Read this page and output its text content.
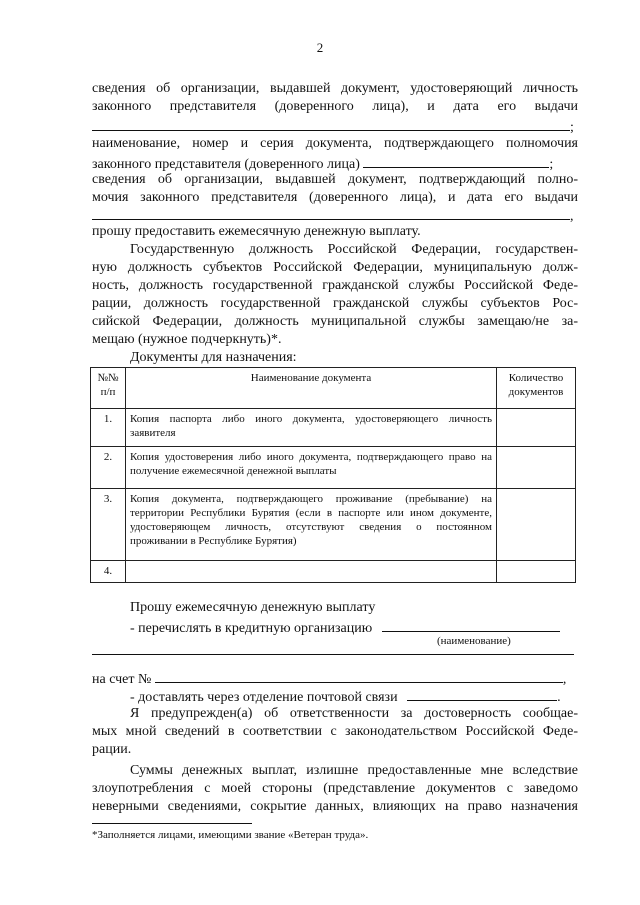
2
сведения об организации, выдавшей документ, удостоверяющий личность
законного представителя (доверенного лица), и дата его выдачи
;
наименование, номер и серия документа, подтверждающего полномочия
законного представителя (доверенного лица)	;
сведения об организации, выдавшей документ, подтверждающий полно-
мочия законного представителя (доверенного лица), и дата его выдачи
,
прошу предоставить ежемесячную денежную выплату.
Государственную должность Российской Федерации, государствен-
ную должность субъектов Российской Федерации, муниципальную долж-
ность, должность государственной гражданской службы Российской Феде-
рации, должность государственной гражданской службы субъектов Рос-
сийской Федерации, должность муниципальной службы замещаю/не за-
мещаю (нужное подчеркнуть)*.
Документы для назначения:
№№ п/п	Наименование документа	Количество документов
1.	Копия паспорта либо иного документа, удостоверяющего личность заявителя	
2.	Копия удостоверения либо иного документа, подтверждающего право на получение ежемесячной денежной выплаты	
3.	Копия документа, подтверждающего проживание (пребывание) на территории Республики Бурятия (если в паспорте или ином документе, удостоверяющем личность, отсутствуют сведения о постоянном проживании в Республике Бурятия)	
4.		
Прошу ежемесячную денежную выплату
- перечислять в кредитную организацию
(наименование)
на счет №	,
- доставлять через отделение почтовой связи	.
Я предупрежден(а) об ответственности за достоверность сообщае-
мых мной сведений в соответствии с законодательством Российской Феде-
рации.
Суммы денежных выплат, излишне предоставленные мне вследствие
злоупотребления с моей стороны (представление документов с заведомо
неверными сведениями, сокрытие данных, влияющих на право назначения
*Заполняется лицами, имеющими звание «Ветеран труда».
